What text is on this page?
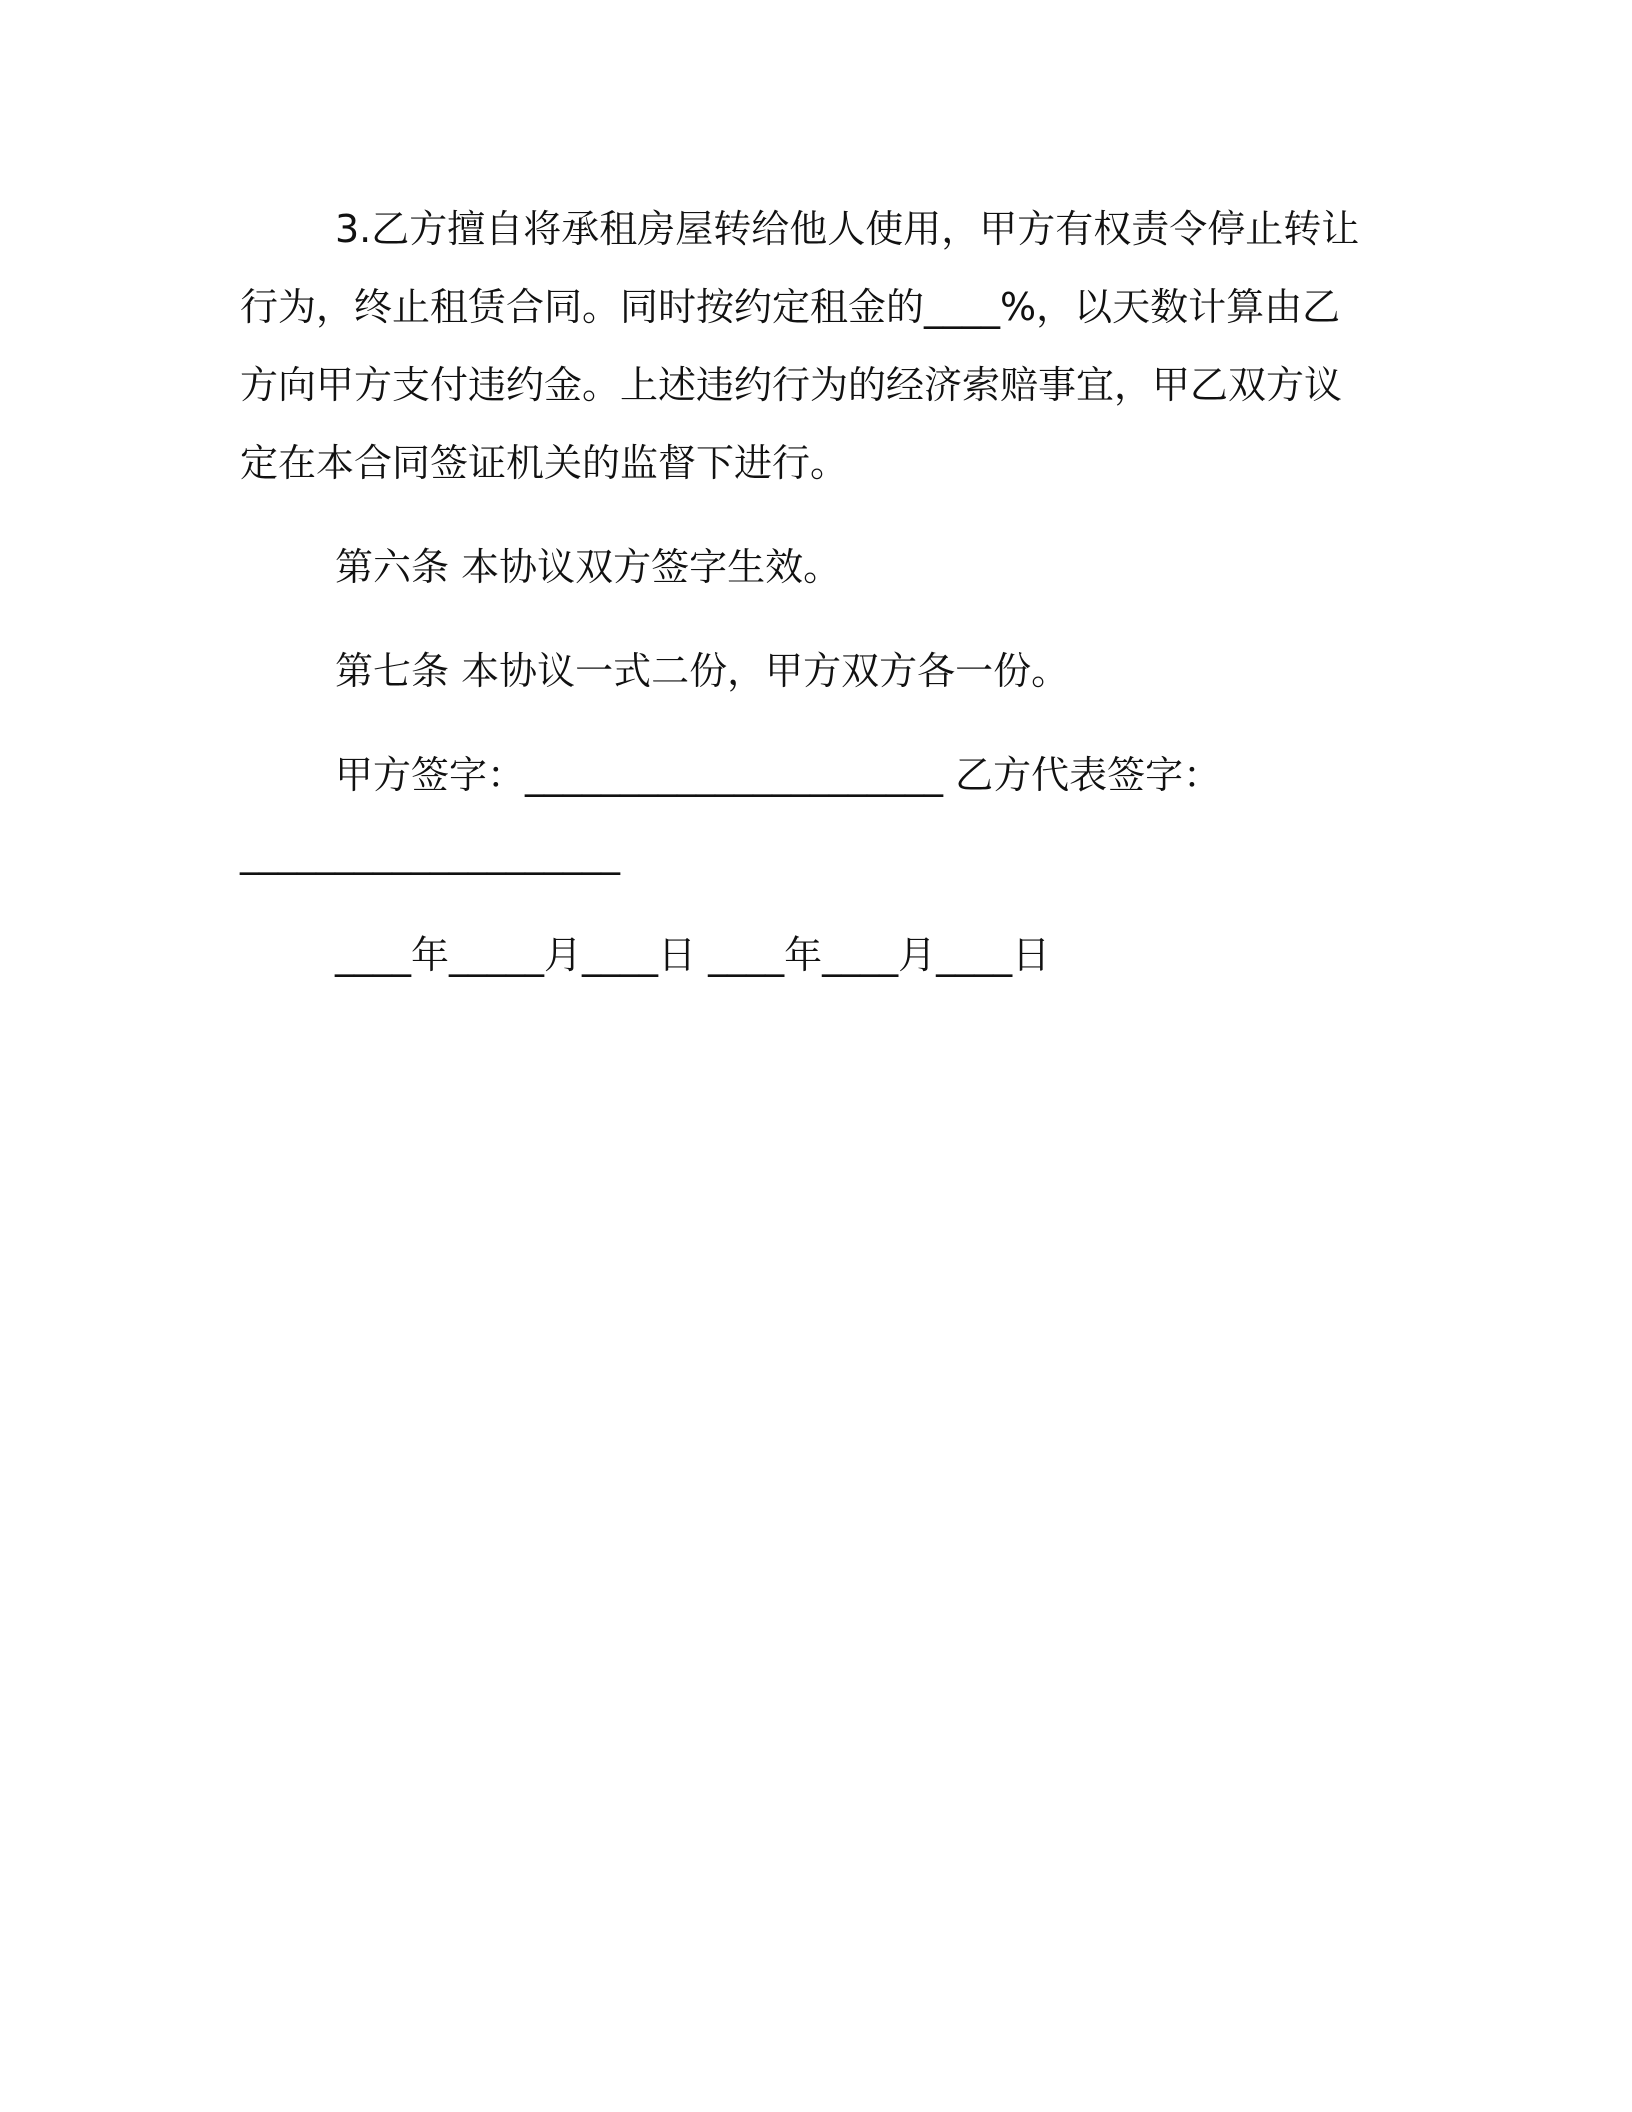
3.乙方擅自将承租房屋转给他人使用，甲方有权责令停止转让行为，终止租赁合同。同时按约定租金的____%，以天数计算由乙方向甲方支付违约金。上述违约行为的经济索赔事宜，甲乙双方议定在本合同签证机关的监督下进行。

第六条 本协议双方签字生效。

第七条 本协议一式二份，甲方双方各一份。

甲方签字：______________________ 乙方代表签字：

____________________

____年_____月____日 ____年____月____日
